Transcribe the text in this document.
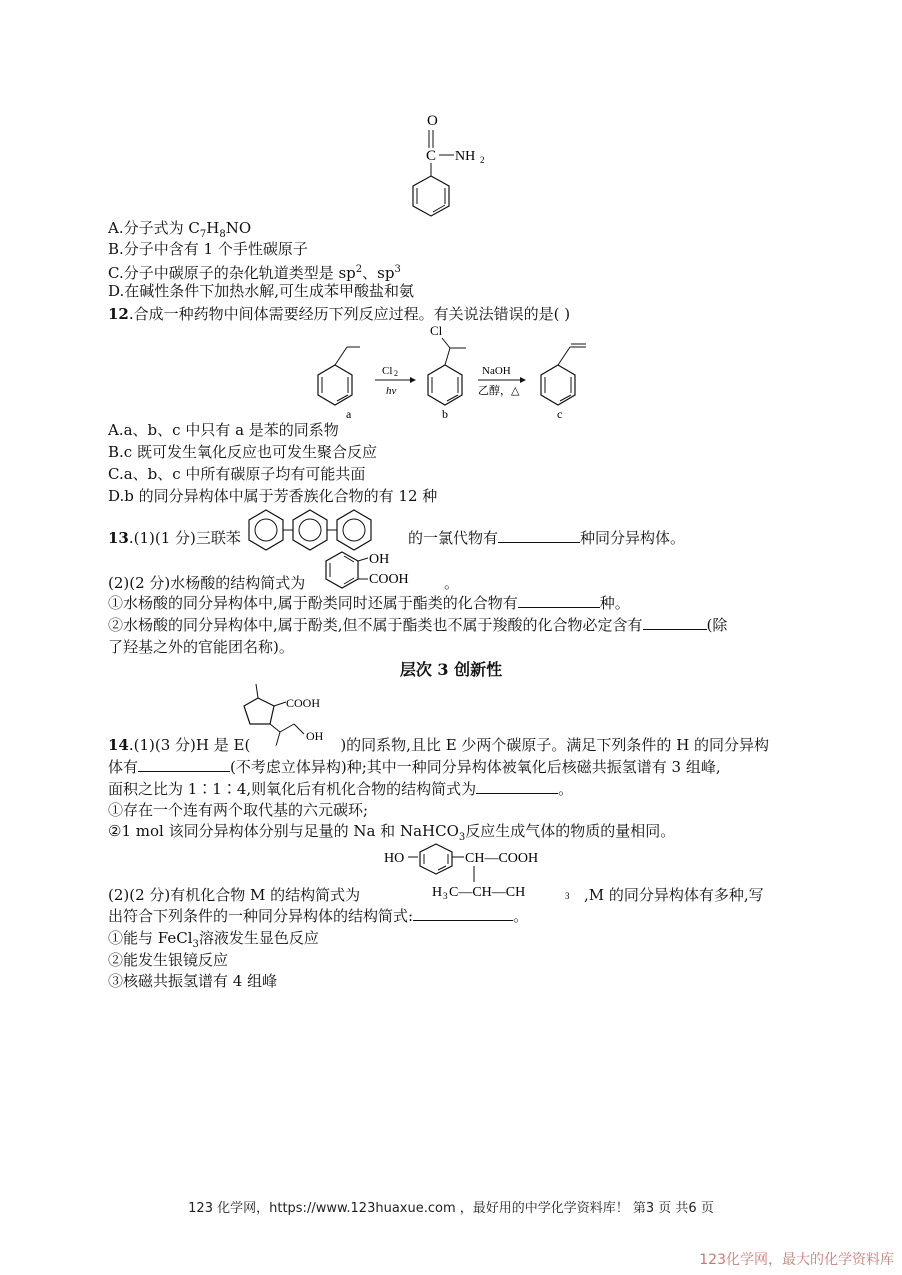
O
C NH 2
A.分子式为 $C_7H_8NO$
B.分子中含有 1 个手性碳原子
C.分子中碳原子的杂化轨道类型是 $sp^2$、$sp^3$
D.在碱性条件下加热水解,可生成苯甲酸盐和氨
12.合成一种药物中间体需要经历下列反应过程。有关说法错误的是( )
a
Cl 2
hν
Cl
b
NaOH
乙醇，△
c
A.a、b、c 中只有 a 是苯的同系物
B.c 既可发生氧化反应也可发生聚合反应
C.a、b、c 中所有碳原子均有可能共面
D.b 的同分异构体中属于芳香族化合物的有 12 种
13.(1)(1 分)三联苯	的一氯代物有	种同分异构体。
(2)(2 分)水杨酸的结构简式为
OH
COOH 。
①水杨酸的同分异构体中,属于酚类同时还属于酯类的化合物有	种。
②水杨酸的同分异构体中,属于酚类,但不属于酯类也不属于羧酸的化合物必定含有	(除
了羟基之外的官能团名称)。
层次 3 创新性
COOH
OH
14.(1)(3 分)H 是 E(	)的同系物,且比 E 少两个碳原子。满足下列条件的 H 的同分异构
体有	(不考虑立体异构)种;其中一种同分异构体被氧化后核磁共振氢谱有 3 组峰,
面积之比为 1∶1∶4,则氧化后有机化合物的结构简式为	。
①存在一个连有两个取代基的六元碳环;
②1 mol 该同分异构体分别与足量的 Na 和 NaHCO$_3$反应生成气体的物质的量相同。
HO	CH—COOH
H 3 C—CH—CH	3
(2)(2 分)有机化合物 M 的结构简式为	,M 的同分异构体有多种,写
出符合下列条件的一种同分异构体的结构简式:	。
①能与 FeCl$_3$溶液发生显色反应
②能发生银镜反应
③核磁共振氢谱有 4 组峰
123 化学网，https://www.123huaxue.com ，最好用的中学化学资料库！ 第3 页 共6 页
123化学网，最大的化学资料库
